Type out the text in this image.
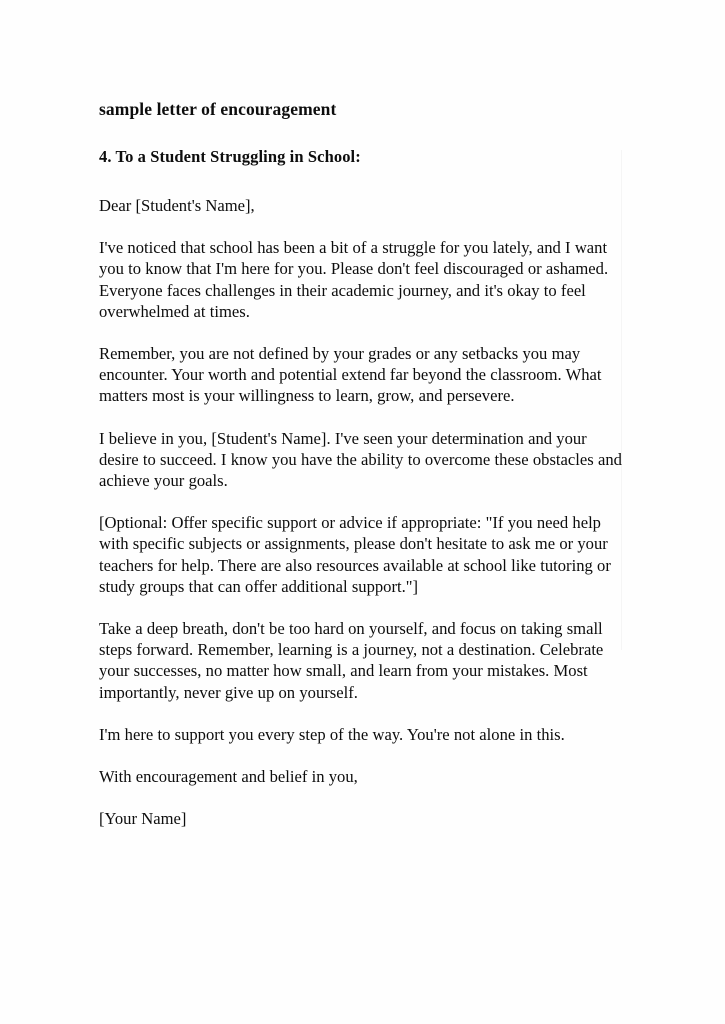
sample letter of encouragement
4. To a Student Struggling in School:

Dear [Student's Name],

I've noticed that school has been a bit of a struggle for you lately, and I want you to know that I'm here for you. Please don't feel discouraged or ashamed. Everyone faces challenges in their academic journey, and it's okay to feel overwhelmed at times.

Remember, you are not defined by your grades or any setbacks you may encounter. Your worth and potential extend far beyond the classroom. What matters most is your willingness to learn, grow, and persevere.

I believe in you, [Student's Name]. I've seen your determination and your desire to succeed. I know you have the ability to overcome these obstacles and achieve your goals.

[Optional: Offer specific support or advice if appropriate: "If you need help with specific subjects or assignments, please don't hesitate to ask me or your teachers for help. There are also resources available at school like tutoring or study groups that can offer additional support."]

Take a deep breath, don't be too hard on yourself, and focus on taking small steps forward. Remember, learning is a journey, not a destination. Celebrate your successes, no matter how small, and learn from your mistakes. Most importantly, never give up on yourself.

I'm here to support you every step of the way. You're not alone in this.

With encouragement and belief in you,

[Your Name]
